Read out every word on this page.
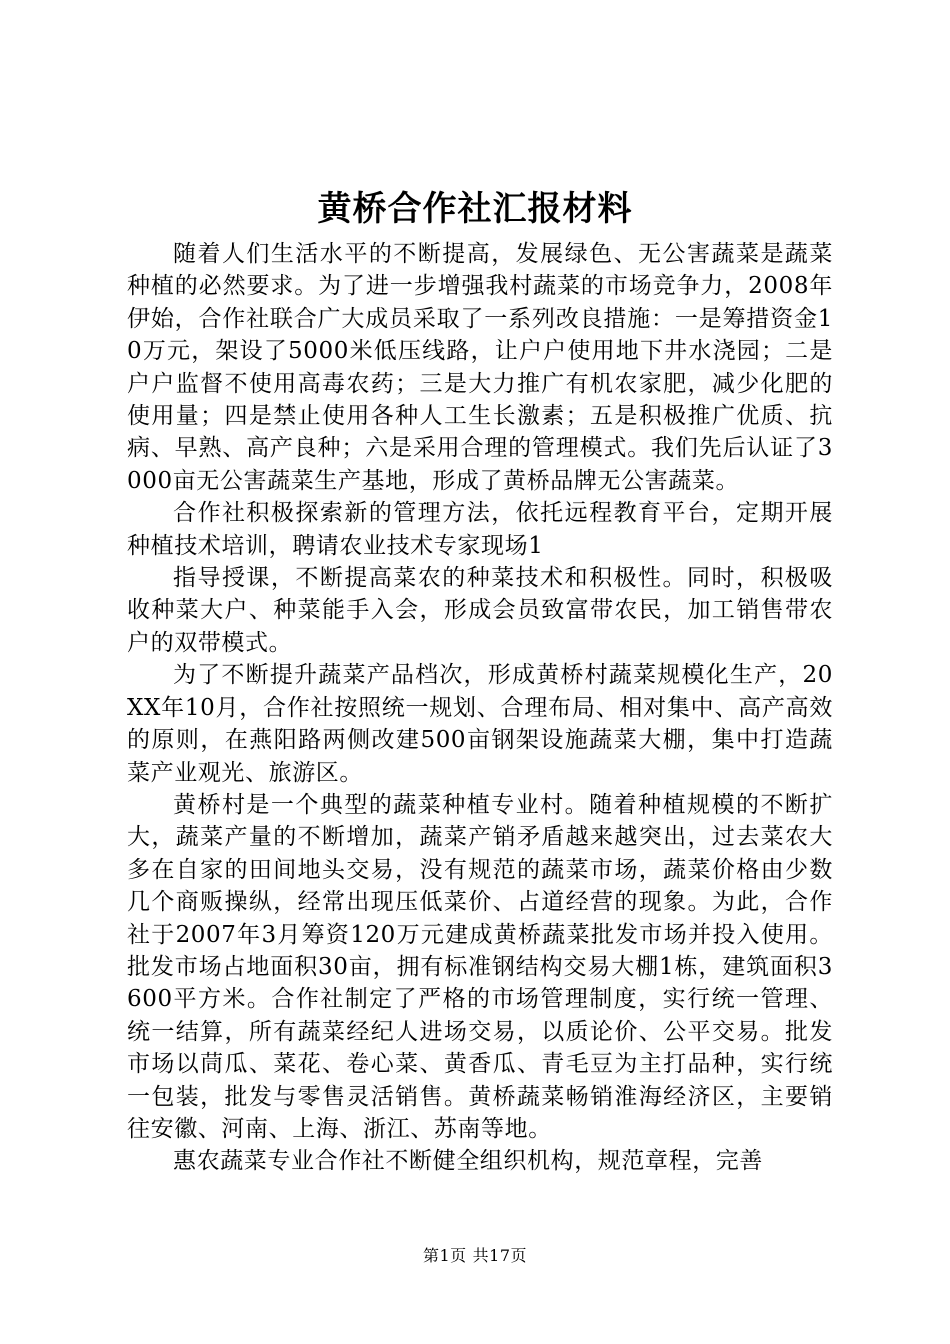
黄桥合作社汇报材料

随着人们生活水平的不断提高，发展绿色、无公害蔬菜是蔬菜种植的必然要求。为了进一步增强我村蔬菜的市场竞争力，2008年伊始，合作社联合广大成员采取了一系列改良措施：一是筹措资金10万元，架设了5000米低压线路，让户户使用地下井水浇园；二是户户监督不使用高毒农药；三是大力推广有机农家肥，减少化肥的使用量；四是禁止使用各种人工生长激素；五是积极推广优质、抗病、早熟、高产良种；六是采用合理的管理模式。我们先后认证了3000亩无公害蔬菜生产基地，形成了黄桥品牌无公害蔬菜。

合作社积极探索新的管理方法，依托远程教育平台，定期开展种植技术培训，聘请农业技术专家现场1

指导授课，不断提高菜农的种菜技术和积极性。同时，积极吸收种菜大户、种菜能手入会，形成会员致富带农民，加工销售带农户的双带模式。

为了不断提升蔬菜产品档次，形成黄桥村蔬菜规模化生产，20XX年10月，合作社按照统一规划、合理布局、相对集中、高产高效的原则，在燕阳路两侧改建500亩钢架设施蔬菜大棚，集中打造蔬菜产业观光、旅游区。

黄桥村是一个典型的蔬菜种植专业村。随着种植规模的不断扩大，蔬菜产量的不断增加，蔬菜产销矛盾越来越突出，过去菜农大多在自家的田间地头交易，没有规范的蔬菜市场，蔬菜价格由少数几个商贩操纵，经常出现压低菜价、占道经营的现象。为此，合作社于2007年3月筹资120万元建成黄桥蔬菜批发市场并投入使用。批发市场占地面积30亩，拥有标准钢结构交易大棚1栋，建筑面积3600平方米。合作社制定了严格的市场管理制度，实行统一管理、统一结算，所有蔬菜经纪人进场交易，以质论价、公平交易。批发市场以茼瓜、菜花、卷心菜、黄香瓜、青毛豆为主打品种，实行统一包装，批发与零售灵活销售。黄桥蔬菜畅销淮海经济区，主要销往安徽、河南、上海、浙江、苏南等地。

惠农蔬菜专业合作社不断健全组织机构，规范章程，完善

第1页 共17页
